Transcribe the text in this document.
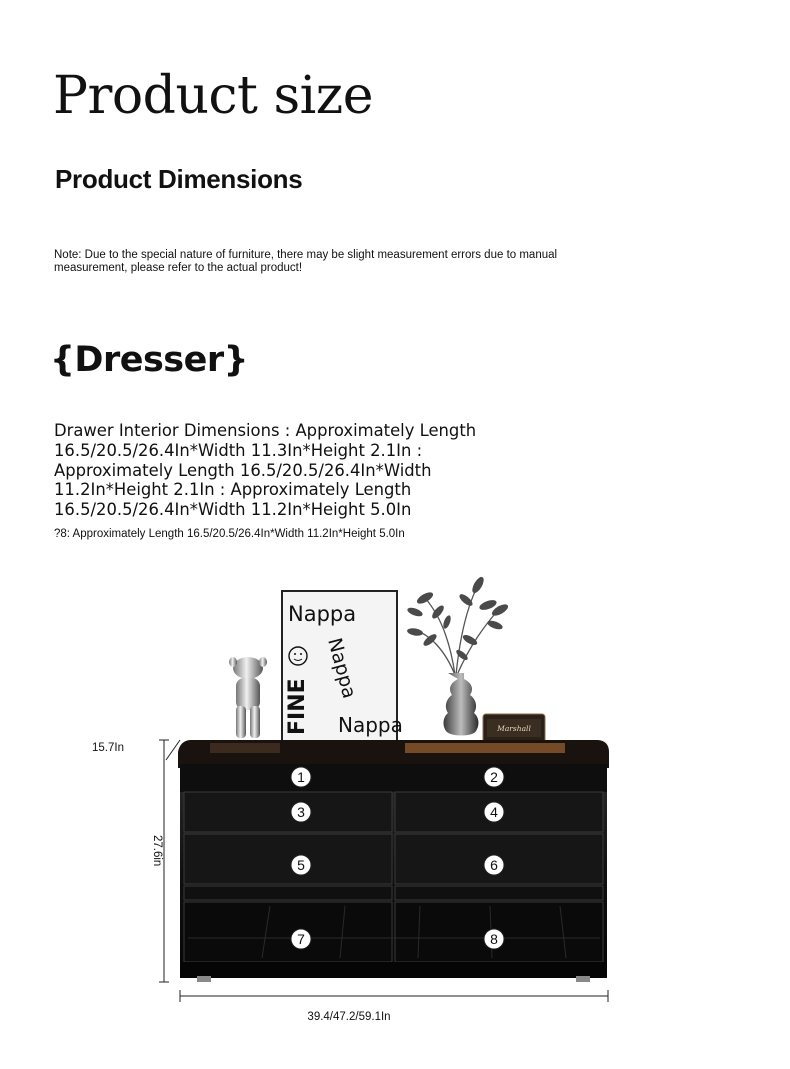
Product size
Product Dimensions
Note: Due to the special nature of furniture, there may be slight measurement errors due to manual measurement, please refer to the actual product!
{Dresser}
Drawer Interior Dimensions : Approximately Length 16.5/20.5/26.4In*Width 11.3In*Height 2.1In : Approximately Length 16.5/20.5/26.4In*Width 11.2In*Height 2.1In : Approximately Length 16.5/20.5/26.4In*Width 11.2In*Height 5.0In
?8: Approximately Length 16.5/20.5/26.4In*Width 11.2In*Height 5.0In
Nappa
FINE
Nappa
Nappa	Marshall
1	2
3	4
5	6
7	8
15.7In
27.6in
39.4/47.2/59.1In
